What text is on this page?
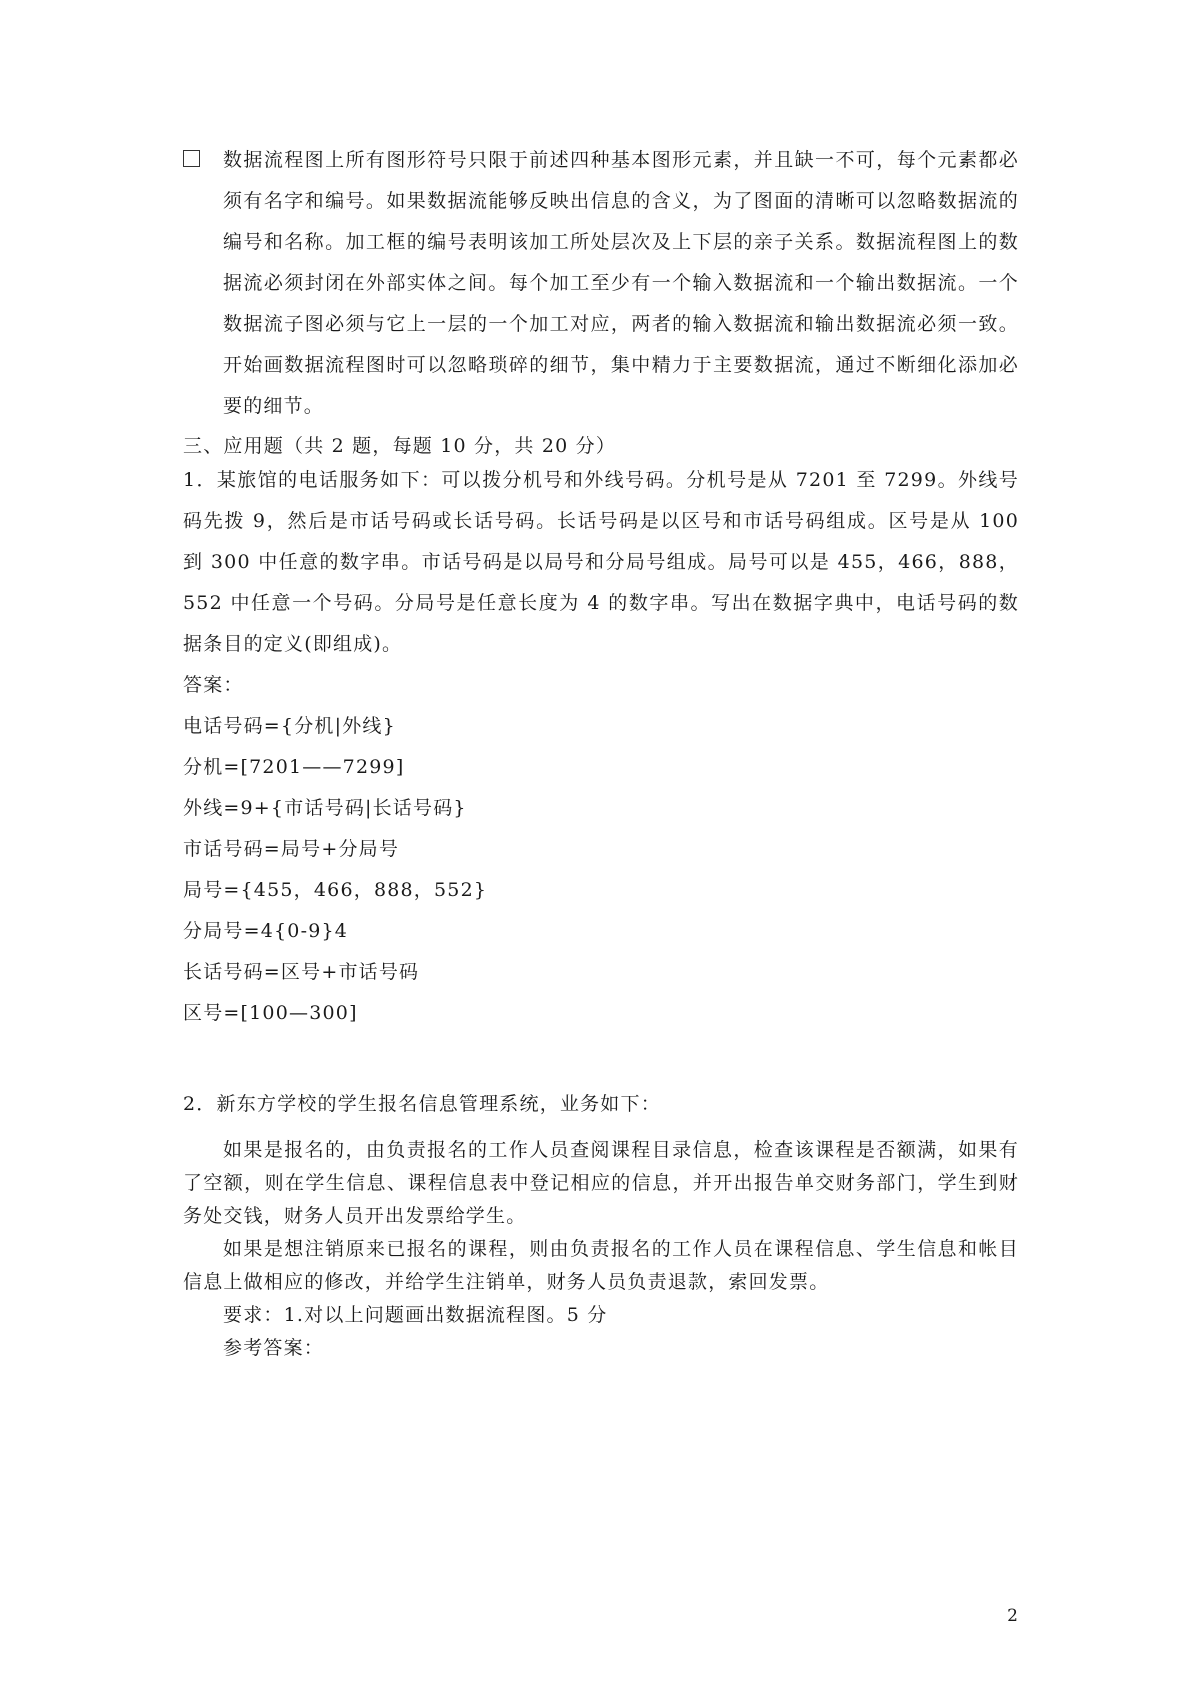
数据流程图上所有图形符号只限于前述四种基本图形元素，并且缺一不可，每个元素都必须有名字和编号。如果数据流能够反映出信息的含义，为了图面的清晰可以忽略数据流的编号和名称。加工框的编号表明该加工所处层次及上下层的亲子关系。数据流程图上的数据流必须封闭在外部实体之间。每个加工至少有一个输入数据流和一个输出数据流。一个数据流子图必须与它上一层的一个加工对应，两者的输入数据流和输出数据流必须一致。开始画数据流程图时可以忽略琐碎的细节，集中精力于主要数据流，通过不断细化添加必要的细节。

三、应用题（共 2 题，每题 10 分，共 20 分）

1．某旅馆的电话服务如下：可以拨分机号和外线号码。分机号是从 7201 至 7299。外线号码先拨 9，然后是市话号码或长话号码。长话号码是以区号和市话号码组成。区号是从 100 到 300 中任意的数字串。市话号码是以局号和分局号组成。局号可以是 455，466，888，552 中任意一个号码。分局号是任意长度为 4 的数字串。写出在数据字典中，电话号码的数据条目的定义(即组成)。

答案：

电话号码={分机|外线}

分机=[7201——7299]

外线=9+{市话号码|长话号码}

市话号码=局号+分局号

局号={455，466，888，552}

分局号=4{0-9}4

长话号码=区号+市话号码

区号=[100—300]

2．新东方学校的学生报名信息管理系统，业务如下：

如果是报名的，由负责报名的工作人员查阅课程目录信息，检查该课程是否额满，如果有了空额，则在学生信息、课程信息表中登记相应的信息，并开出报告单交财务部门，学生到财务处交钱，财务人员开出发票给学生。

如果是想注销原来已报名的课程，则由负责报名的工作人员在课程信息、学生信息和帐目信息上做相应的修改，并给学生注销单，财务人员负责退款，索回发票。

要求：1.对以上问题画出数据流程图。5 分

参考答案：

2
